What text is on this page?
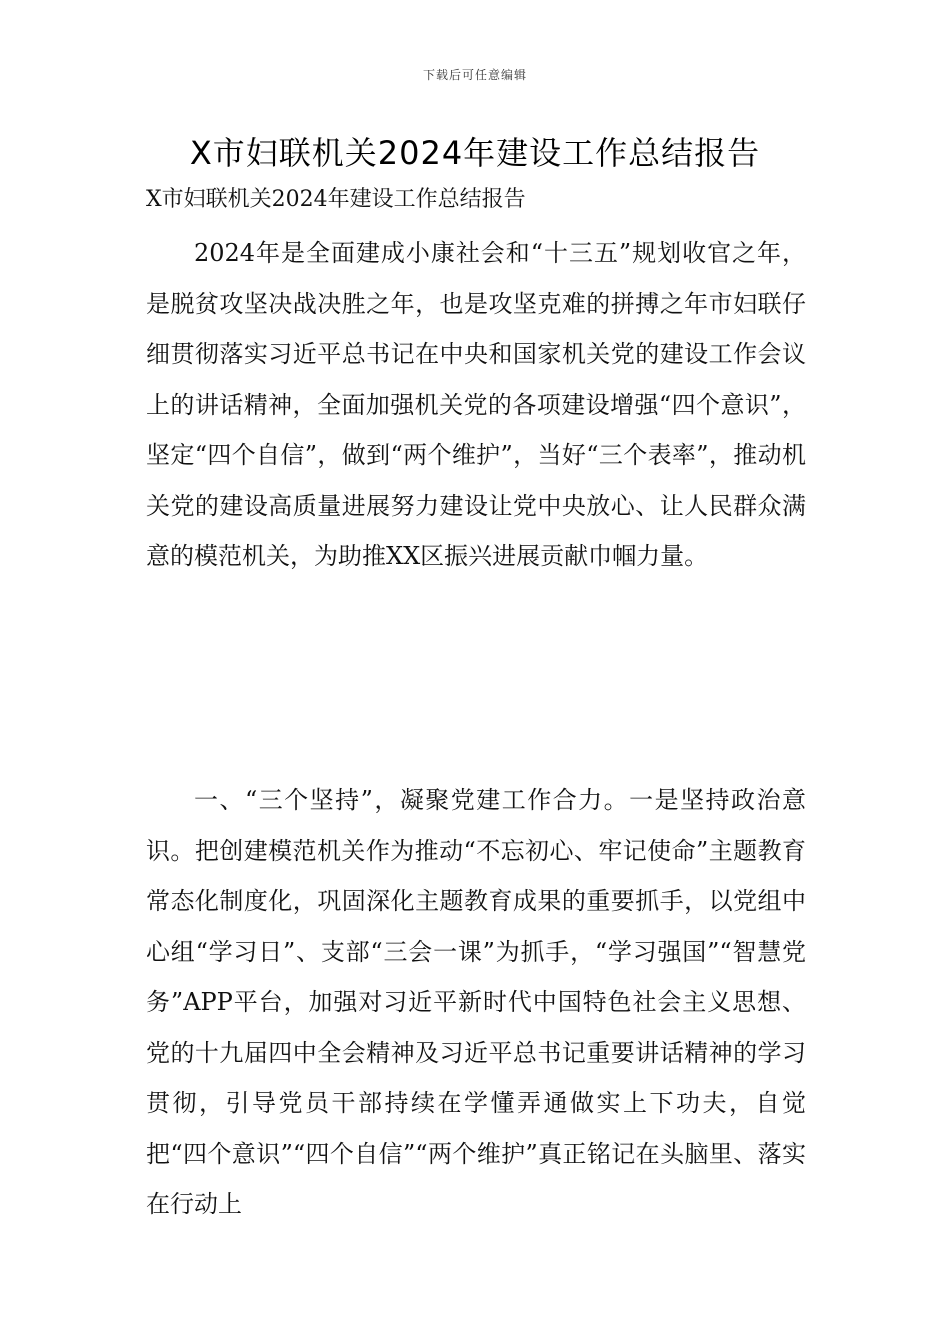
下载后可任意编辑
X市妇联机关2024年建设工作总结报告
X市妇联机关2024年建设工作总结报告

2024年是全面建成小康社会和“十三五”规划收官之年，是脱贫攻坚决战决胜之年，也是攻坚克难的拼搏之年市妇联仔细贯彻落实习近平总书记在中央和国家机关党的建设工作会议上的讲话精神，全面加强机关党的各项建设增强“四个意识”，坚定“四个自信”，做到“两个维护”，当好“三个表率”，推动机关党的建设高质量进展努力建设让党中央放心、让人民群众满意的模范机关，为助推XX区振兴进展贡献巾帼力量。

一、“三个坚持”，凝聚党建工作合力。一是坚持政治意识。把创建模范机关作为推动“不忘初心、牢记使命”主题教育常态化制度化，巩固深化主题教育成果的重要抓手，以党组中心组“学习日”、支部“三会一课”为抓手，“学习强国”“智慧党务”APP平台，加强对习近平新时代中国特色社会主义思想、党的十九届四中全会精神及习近平总书记重要讲话精神的学习贯彻，引导党员干部持续在学懂弄通做实上下功夫，自觉把“四个意识”“四个自信”“两个维护”真正铭记在头脑里、落实在行动上
